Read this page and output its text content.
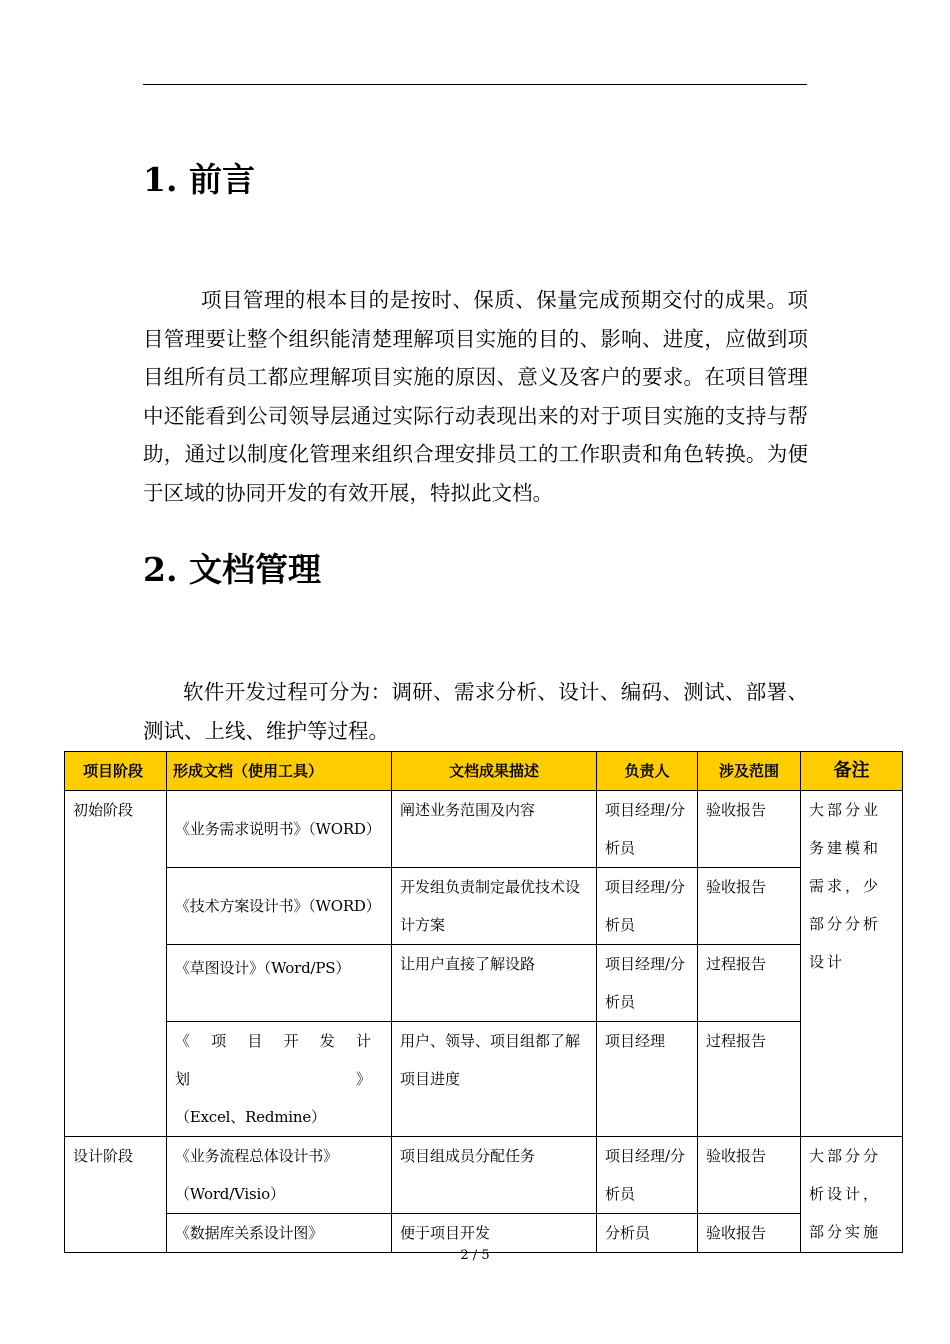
1. 前言

项目管理的根本目的是按时、保质、保量完成预期交付的成果。项目管理要让整个组织能清楚理解项目实施的目的、影响、进度，应做到项目组所有员工都应理解项目实施的原因、意义及客户的要求。在项目管理中还能看到公司领导层通过实际行动表现出来的对于项目实施的支持与帮助，通过以制度化管理来组织合理安排员工的工作职责和角色转换。为便于区域的协同开发的有效开展，特拟此文档。

2. 文档管理

软件开发过程可分为：调研、需求分析、设计、编码、测试、部署、测试、上线、维护等过程。

项目阶段	形成文档（使用工具）	文档成果描述	负责人	涉及范围	备注
初始阶段	《业务需求说明书》（WORD）	阐述业务范围及内容	项目经理/分析员	验收报告	大部分业务建模和需求，少部分分析设计
	《技术方案设计书》（WORD）	开发组负责制定最优技术设计方案	项目经理/分析员	验收报告	
	《草图设计》（Word/PS）	让用户直接了解设路	项目经理/分析员	过程报告	

	《项目开发计划》
（Excel、Redmine）	用户、领导、项目组都了解项目进度	项目经理	过程报告	
设计阶段	《业务流程总体设计书》（Word/Visio）	项目组成员分配任务	项目经理/分析员	验收报告	大部分分析设计，部分实施
	《数据库关系设计图》	便于项目开发	分析员	验收报告	
2 / 5
